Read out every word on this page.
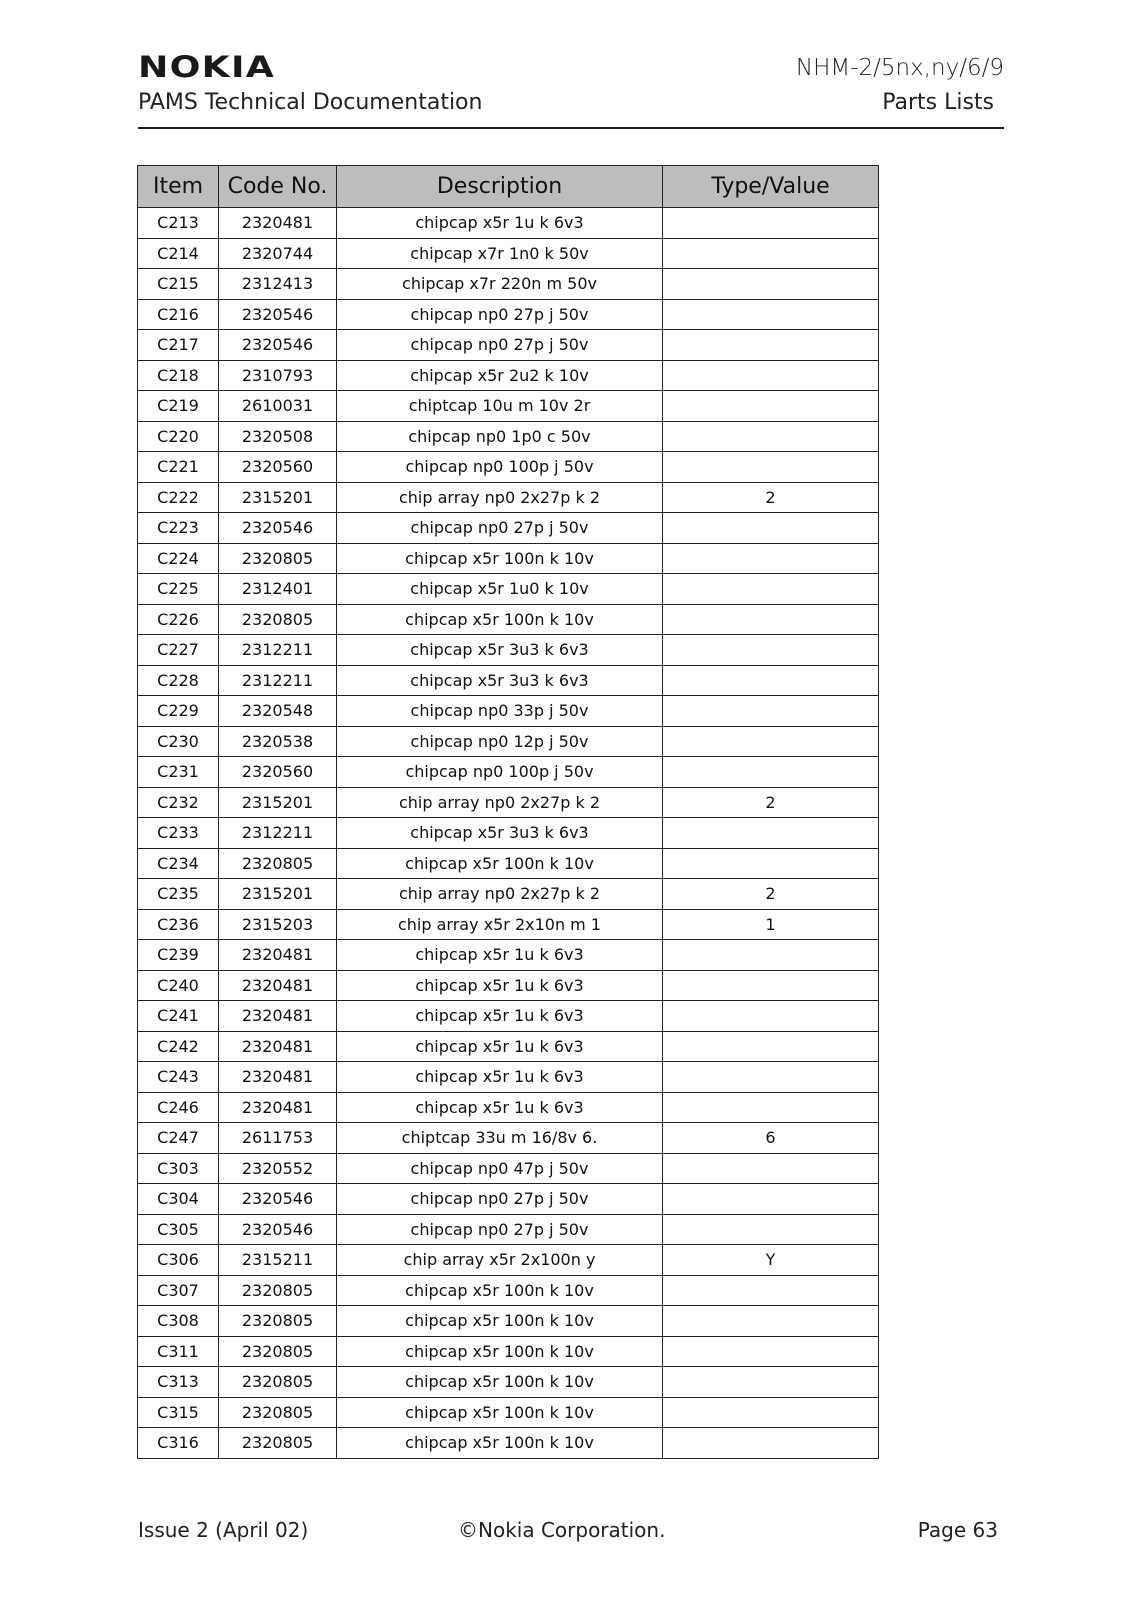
NOKIA	NHM-2/5nx,ny/6/9
PAMS Technical Documentation	Parts Lists
Item	Code No.	Description	Type/Value
C213	2320481	chipcap x5r 1u k 6v3	
C214	2320744	chipcap x7r 1n0 k 50v	
C215	2312413	chipcap x7r 220n m 50v	
C216	2320546	chipcap np0 27p j 50v	
C217	2320546	chipcap np0 27p j 50v	
C218	2310793	chipcap x5r 2u2 k 10v	
C219	2610031	chiptcap 10u m 10v 2r	
C220	2320508	chipcap np0 1p0 c 50v	
C221	2320560	chipcap np0 100p j 50v	
C222	2315201	chip array np0 2x27p k 2	2
C223	2320546	chipcap np0 27p j 50v	
C224	2320805	chipcap x5r 100n k 10v	
C225	2312401	chipcap x5r 1u0 k 10v	
C226	2320805	chipcap x5r 100n k 10v	
C227	2312211	chipcap x5r 3u3 k 6v3	
C228	2312211	chipcap x5r 3u3 k 6v3	
C229	2320548	chipcap np0 33p j 50v	
C230	2320538	chipcap np0 12p j 50v	
C231	2320560	chipcap np0 100p j 50v	
C232	2315201	chip array np0 2x27p k 2	2
C233	2312211	chipcap x5r 3u3 k 6v3	
C234	2320805	chipcap x5r 100n k 10v	
C235	2315201	chip array np0 2x27p k 2	2
C236	2315203	chip array x5r 2x10n m 1	1
C239	2320481	chipcap x5r 1u k 6v3	
C240	2320481	chipcap x5r 1u k 6v3	
C241	2320481	chipcap x5r 1u k 6v3	
C242	2320481	chipcap x5r 1u k 6v3	
C243	2320481	chipcap x5r 1u k 6v3	
C246	2320481	chipcap x5r 1u k 6v3	
C247	2611753	chiptcap 33u m 16/8v 6.	6
C303	2320552	chipcap np0 47p j 50v	
C304	2320546	chipcap np0 27p j 50v	
C305	2320546	chipcap np0 27p j 50v	
C306	2315211	chip array x5r 2x100n y	Y
C307	2320805	chipcap x5r 100n k 10v	
C308	2320805	chipcap x5r 100n k 10v	
C311	2320805	chipcap x5r 100n k 10v	
C313	2320805	chipcap x5r 100n k 10v	
C315	2320805	chipcap x5r 100n k 10v	
C316	2320805	chipcap x5r 100n k 10v	
Issue 2 (April 02)	©Nokia Corporation.	Page 63
